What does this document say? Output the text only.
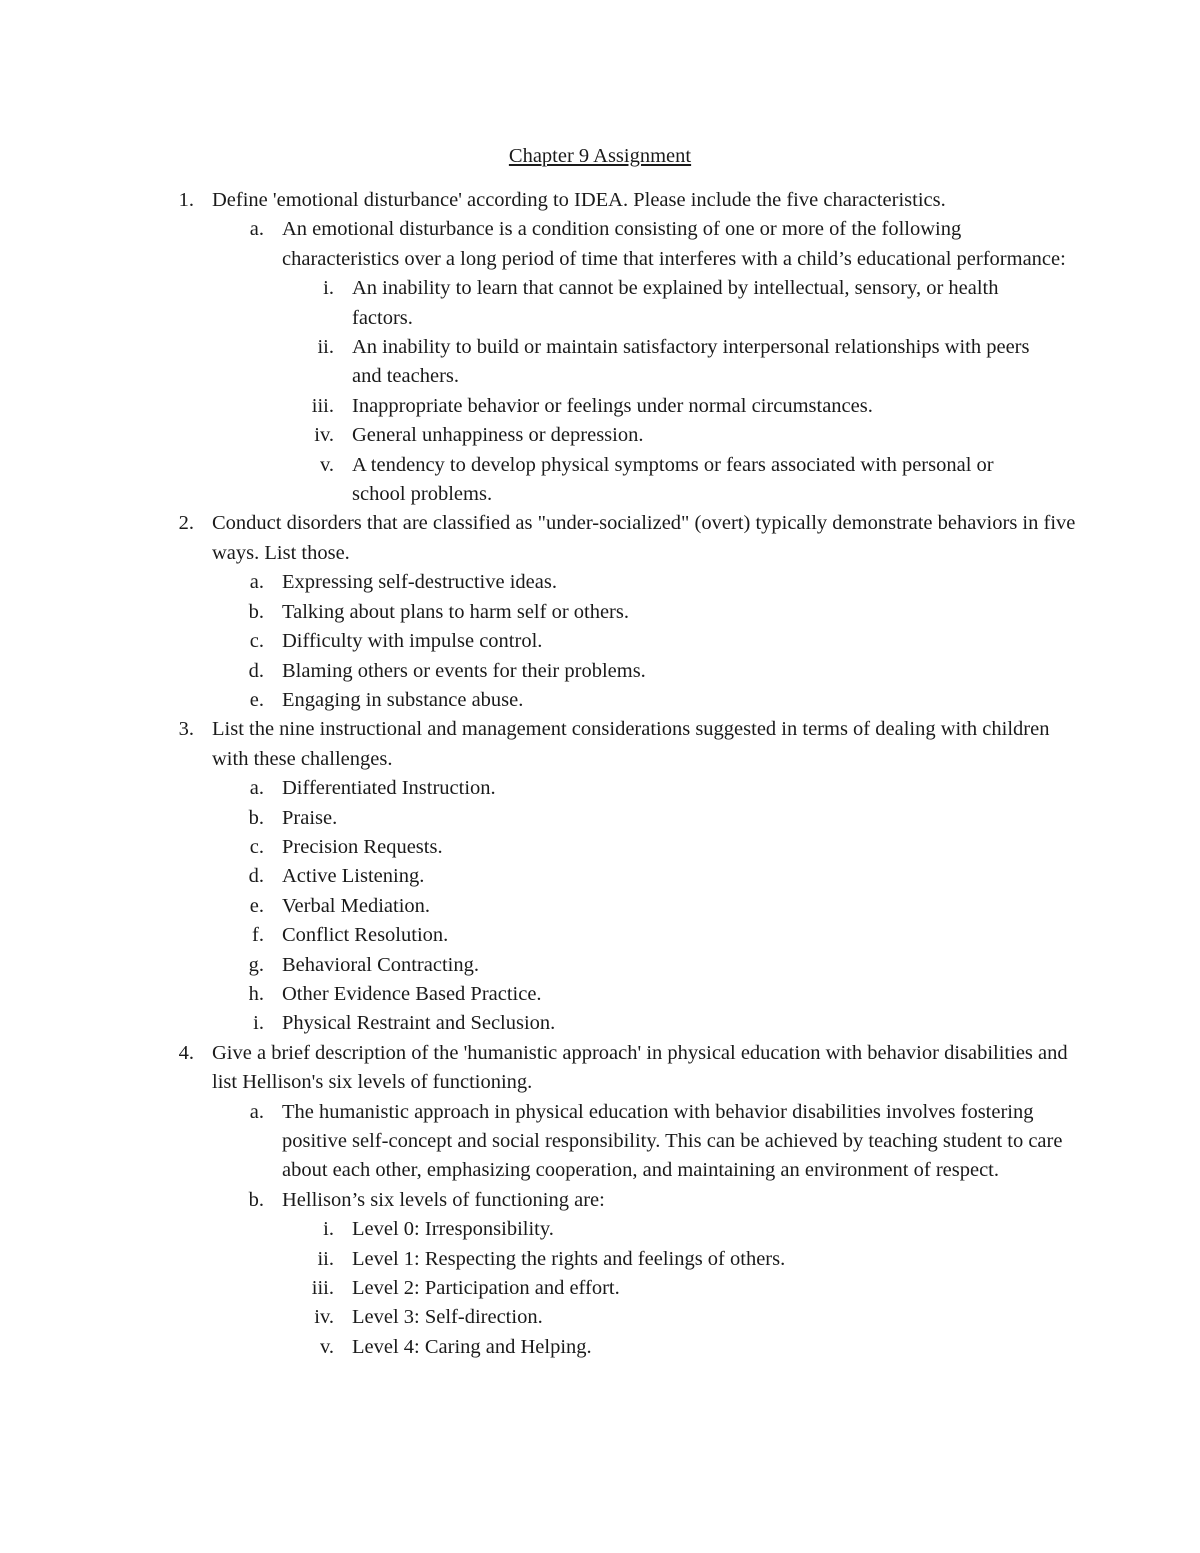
Chapter 9 Assignment
1. Define 'emotional disturbance' according to IDEA. Please include the five characteristics.
a. An emotional disturbance is a condition consisting of one or more of the following characteristics over a long period of time that interferes with a child’s educational performance:
i. An inability to learn that cannot be explained by intellectual, sensory, or health factors.
ii. An inability to build or maintain satisfactory interpersonal relationships with peers and teachers.
iii. Inappropriate behavior or feelings under normal circumstances.
iv. General unhappiness or depression.
v. A tendency to develop physical symptoms or fears associated with personal or school problems.
2. Conduct disorders that are classified as "under-socialized" (overt) typically demonstrate behaviors in five ways. List those.
a. Expressing self-destructive ideas.
b. Talking about plans to harm self or others.
c. Difficulty with impulse control.
d. Blaming others or events for their problems.
e. Engaging in substance abuse.
3. List the nine instructional and management considerations suggested in terms of dealing with children with these challenges.
a. Differentiated Instruction.
b. Praise.
c. Precision Requests.
d. Active Listening.
e. Verbal Mediation.
f. Conflict Resolution.
g. Behavioral Contracting.
h. Other Evidence Based Practice.
i. Physical Restraint and Seclusion.
4. Give a brief description of the 'humanistic approach' in physical education with behavior disabilities and list Hellison's six levels of functioning.
a. The humanistic approach in physical education with behavior disabilities involves fostering positive self-concept and social responsibility. This can be achieved by teaching student to care about each other, emphasizing cooperation, and maintaining an environment of respect.
b. Hellison’s six levels of functioning are:
i. Level 0: Irresponsibility.
ii. Level 1: Respecting the rights and feelings of others.
iii. Level 2: Participation and effort.
iv. Level 3: Self-direction.
v. Level 4: Caring and Helping.
